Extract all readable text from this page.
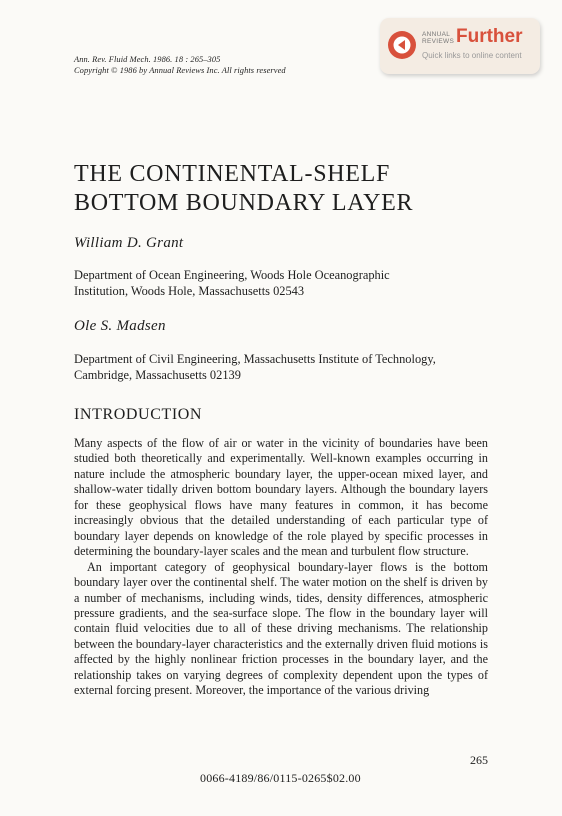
Ann. Rev. Fluid Mech. 1986. 18 : 265–305
Copyright © 1986 by Annual Reviews Inc. All rights reserved
ANNUAL
REVIEWS Further
Quick links to online content
THE CONTINENTAL-SHELF
BOTTOM BOUNDARY LAYER
William D. Grant
Department of Ocean Engineering, Woods Hole Oceanographic
Institution, Woods Hole, Massachusetts 02543
Ole S. Madsen
Department of Civil Engineering, Massachusetts Institute of Technology,
Cambridge, Massachusetts 02139
INTRODUCTION

Many aspects of the flow of air or water in the vicinity of boundaries have been studied both theoretically and experimentally. Well-known examples occurring in nature include the atmospheric boundary layer, the upper-ocean mixed layer, and shallow-water tidally driven bottom boundary layers. Although the boundary layers for these geophysical flows have many features in common, it has become increasingly obvious that the detailed understanding of each particular type of boundary layer depends on knowledge of the role played by specific processes in determining the boundary-layer scales and the mean and turbulent flow structure.

An important category of geophysical boundary-layer flows is the bottom boundary layer over the continental shelf. The water motion on the shelf is driven by a number of mechanisms, including winds, tides, density differences, atmospheric pressure gradients, and the sea-surface slope. The flow in the boundary layer will contain fluid velocities due to all of these driving mechanisms. The relationship between the boundary-layer characteristics and the externally driven fluid motions is affected by the highly nonlinear friction processes in the boundary layer, and the relationship takes on varying degrees of complexity dependent upon the types of external forcing present. Moreover, the importance of the various driving

265
0066-4189/86/0115-0265$02.00
